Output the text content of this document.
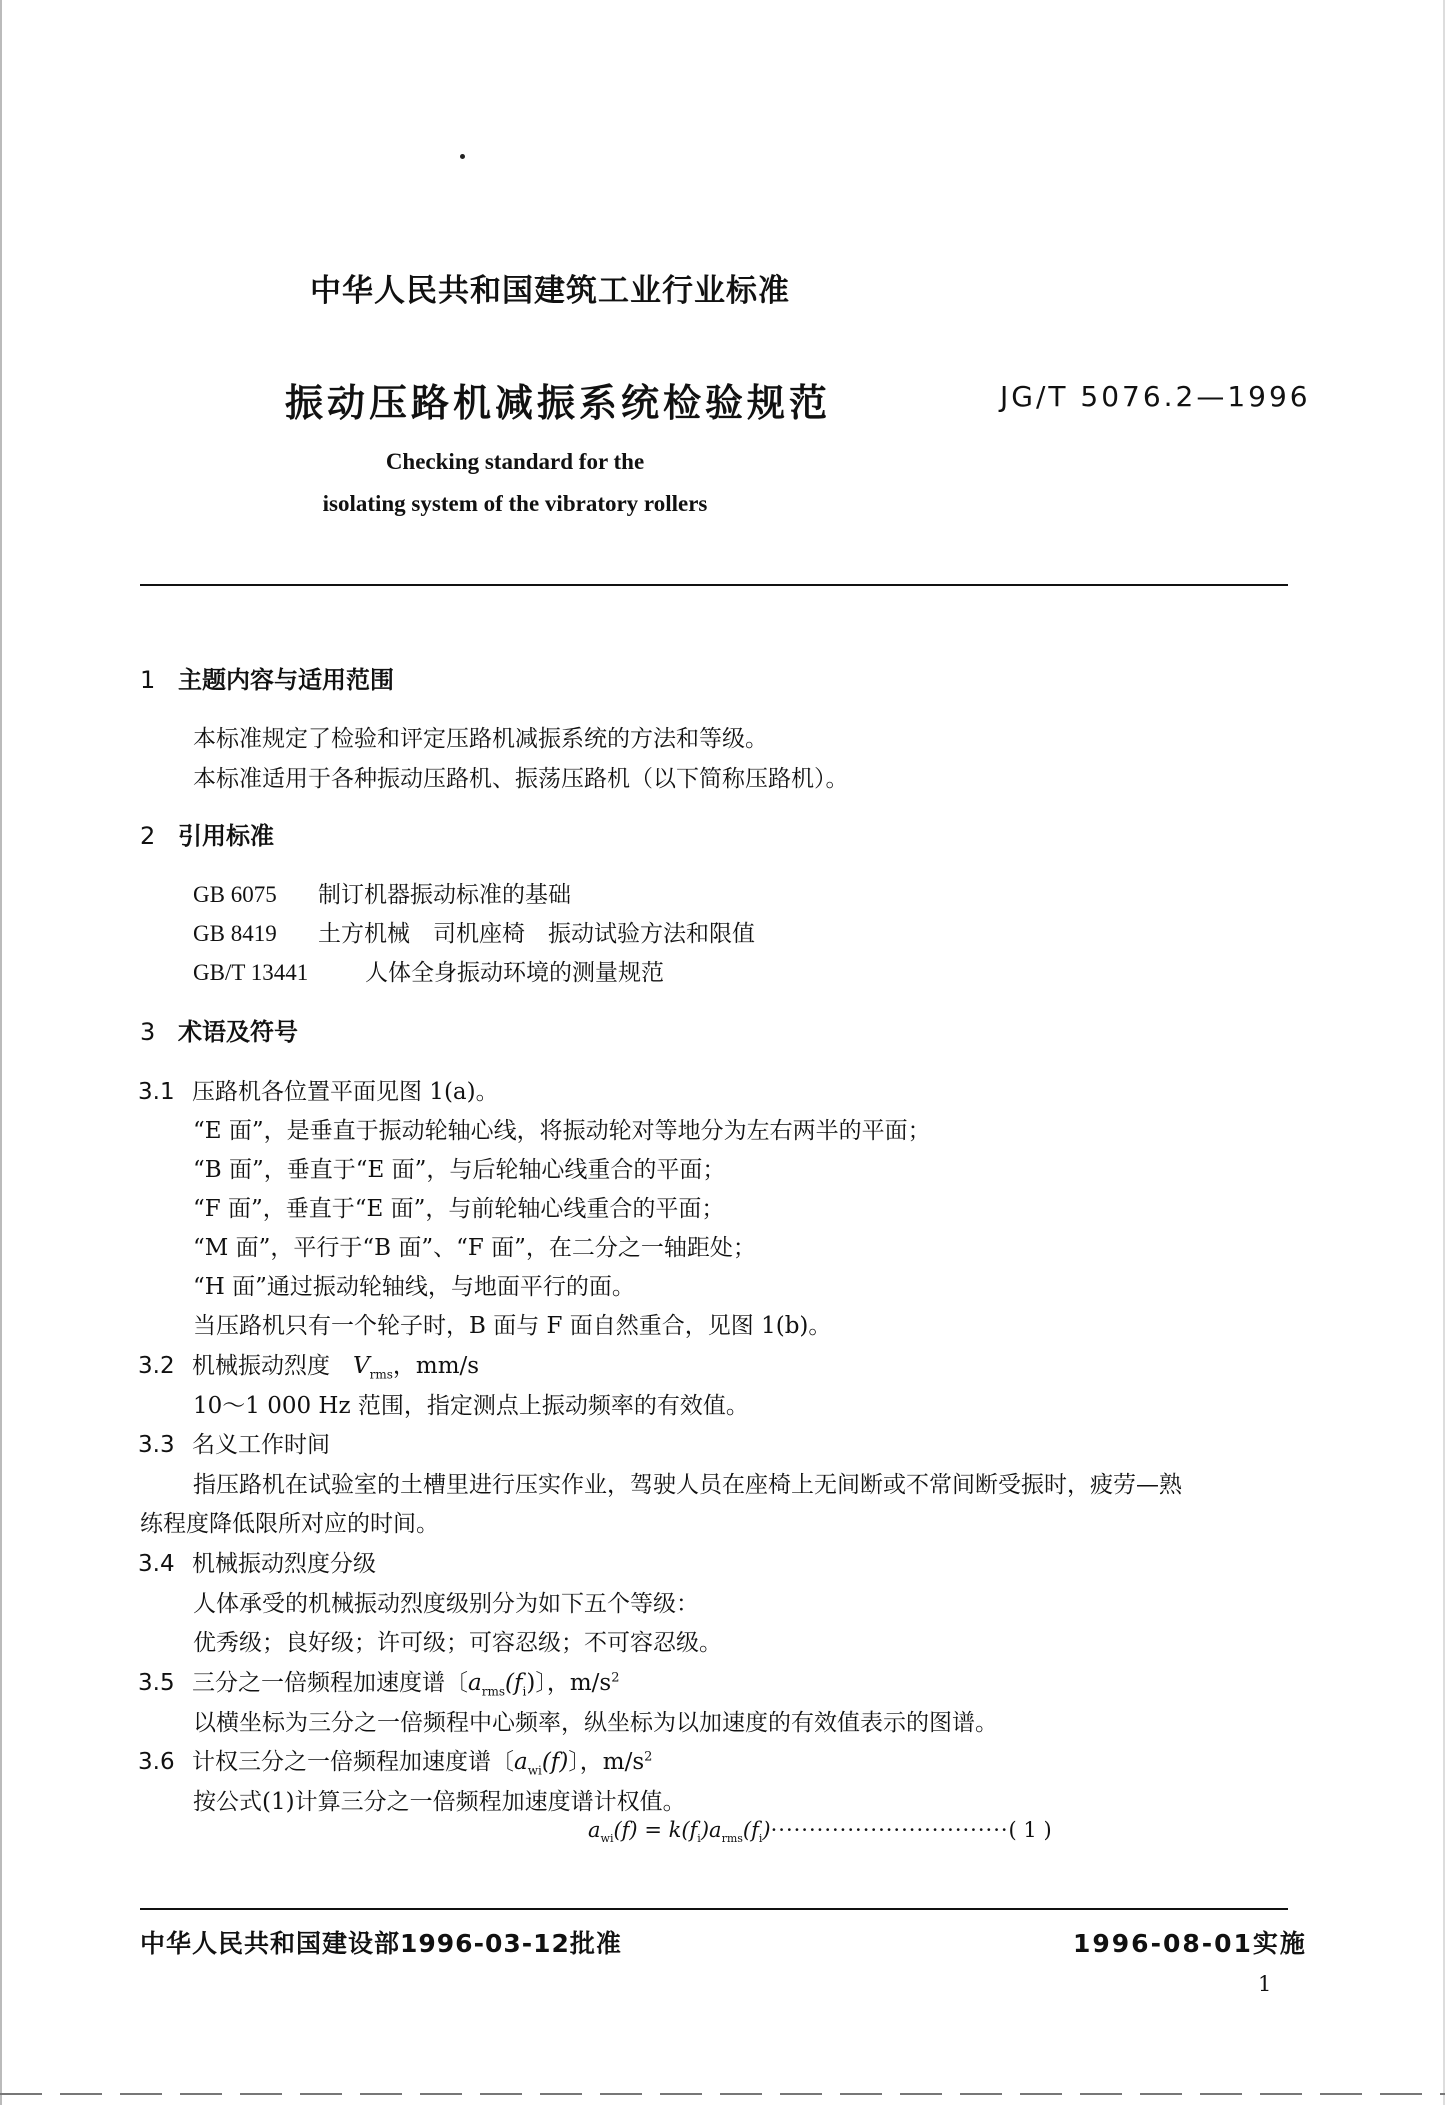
中华人民共和国建筑工业行业标准
振动压路机减振系统检验规范	JG/T 5076.2—1996
Checking standard for the
isolating system of the vibratory rollers
1 主题内容与适用范围
本标准规定了检验和评定压路机减振系统的方法和等级。
本标准适用于各种振动压路机、振荡压路机（以下简称压路机）。
2 引用标准
GB 6075 制订机器振动标准的基础
GB 8419 土方机械　司机座椅　振动试验方法和限值
GB/T 13441 人体全身振动环境的测量规范
3 术语及符号
3.1 压路机各位置平面见图 1(a)。
“E 面”，是垂直于振动轮轴心线，将振动轮对等地分为左右两半的平面；
“B 面”，垂直于“E 面”，与后轮轴心线重合的平面；
“F 面”，垂直于“E 面”，与前轮轴心线重合的平面；
“M 面”，平行于“B 面”、“F 面”，在二分之一轴距处；
“H 面”通过振动轮轴线，与地面平行的面。
当压路机只有一个轮子时，B 面与 F 面自然重合，见图 1(b)。
3.2 机械振动烈度　$V_{rms}$，mm/s
10～1 000 Hz 范围，指定测点上振动频率的有效值。
3.3 名义工作时间
指压路机在试验室的土槽里进行压实作业，驾驶人员在座椅上无间断或不常间断受振时，疲劳—熟
练程度降低限所对应的时间。
3.4 机械振动烈度分级
人体承受的机械振动烈度级别分为如下五个等级：
优秀级；良好级；许可级；可容忍级；不可容忍级。
3.5 三分之一倍频程加速度谱〔$a_{rms}(f_i)$〕，$m/s^2$
以横坐标为三分之一倍频程中心频率，纵坐标为以加速度的有效值表示的图谱。
3.6 计权三分之一倍频程加速度谱〔$a_{wi}(f)$〕，$m/s^2$
按公式(1)计算三分之一倍频程加速度谱计权值。
$a_{wi}(f) = k(f_i)a_{rms}(f_i)\cdot\cdot\cdot\cdot\cdot\cdot\cdot\cdot\cdot\cdot\cdot\cdot\cdot\cdot\cdot\cdot\cdot\cdot\cdot\cdot\cdot\cdot\cdot\cdot\cdot\cdot\cdot\cdot\cdot\cdot\cdot$( 1 )
中华人民共和国建设部1996-03-12批准	1996-08-01实施
1
